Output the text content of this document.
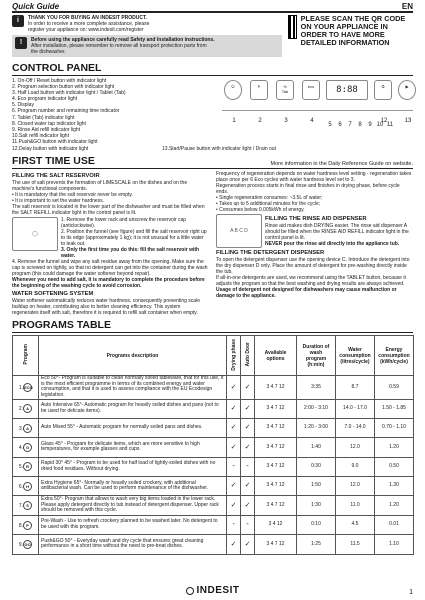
Quick Guide	EN
i	THANK YOU FOR BUYING AN INDESIT PRODUCT.
In order to receive a more complete assistance, please
register your appliance on: www.indesit.com/register
!	Before using the appliance carefully read Safety and Installation instructions.
After installation, please remember to remove all transport protection parts from
the dishwasher.
PLEASE SCAN THE QR CODE ON YOUR APPLIANCE IN ORDER TO HAVE MORE DETAILED INFORMATION
CONTROL PANEL
1. On-Off / Reset button with indicator light
2. Program selection button with indicator light
3. Half Load button with indicator light / Tablet (Tab)
4. Eco program indicator light
5. Display
6. Program number and remaining time indicator
7. Tablet (Tab) indicator light
8. Closed water tap indicator light
9. Rinse Aid refill indicator light
10.Salt refill indicator light
11.Push&GO button with indicator light
⏻	P	½
Tab
eco	8:88	⏲	▶
1	2	3	4
5	6	7	8	9 10 11
12	13
12.Delay button with indicator light	13.Start/Pause button with indicator light / Drain out
FIRST TIME USE	More information in the Daily Reference Guide on website.
FILLING THE SALT RESERVOIR
The use of salt prevents the formation of LIMESCALE on the dishes and on the machine's functional components.
• It is mandatory that the salt reservoir never be empty.
• It is important to set the water hardness.
The salt reservoir is located in the lower part of the dishwasher and must be filled when the SALT REFILL indicator light in the control panel is lit.
◯
1. Remove the lower rack and unscrew the reservoir cap (anticlockwise).
2. Position the funnel (see figure) and fill the salt reservoir right up to its edge (approximately 1 kg); it is not unusual for a little water to leak out.
3. Only the first time you do this: fill the salt reservoir with water.
4. Remove the funnel and wipe any salt residue away from the opening. Make sure the cap is screwed on tightly, so that no detergent can get into the container during the wash program (this could damage the water softener beyond repair).
Whenever you need to add salt, it is mandatory to complete the procedure before the beginning of the washing cycle to avoid corrosion.
WATER SOFTENING SYSTEM
Water softener automatically reduces water hardness, consequently preventing scale buildup on heater, contributing also to better cleaning efficiency. This system regenerates itself with salt, therefore it is required to refill salt container when empty.
Frequency of regeneration depends on water hardness level setting - regeneration takes place once per 6 Eco cycles with water hardness level set to 3.
Regeneration process starts in final rinse and finishes in drying phase, before cycle ends.
• Single regeneration consumes: ~3.5L of water;
• Takes up to 5 additional minutes for the cycle;
• Consumes below 0.005kWh of energy.
A B C D
FILLING THE RINSE AID DISPENSER
Rinse aid makes dish DRYING easier. The rinse aid dispenser A should be filled when the RINSE AID REFILL indicator light in the control panel is lit.
NEVER pour the rinse aid directly into the appliance tub.
FILLING THE DETERGENT DISPENSER
To open the detergent dispenser use the opening device C. Introduce the detergent into the dry dispenser D only. Place the amount of detergent for pre-washing directly inside the tub.
If all-in-one detergents are used, we recommend using the TABLET button, because it adjusts the program so that the best washing and drying results are always achieved.
Usage of detergent not designed for dishwashers may cause malfunction or damage to the appliance.
PROGRAMS TABLE
Program	Programs description	Drying phase	Auto Door	Available options	Duration of wash program (h:min)	Water consumption (litres/cycle)	Energy consumption (kWh/cycle)
1.ECO	Eco 50°- Program is suitable to clean normally soiled tableware, that for this use, it is the most efficient programme in terms of its combined energy and water consumption, and that it is used to assess compliance with the EU Ecodesign legislation.	✓	✓	3 4 7 12	3:35	8.7	0.59
2. A	Auto Intensive 65°- Automatic program for heavily soiled dishes and pans (not to be used for delicate items).	✓	✓	3 4 7 12	2:00 - 3:10	14.0 - 17.0	1.50 - 1.85
3. A	Auto Mixed 55° - Automatic program for normally soiled pans and dishes.	✓	✓	3 4 7 12	1:20 - 3:00	7.0 - 14.0	0.70 - 1.10
4. G	Glass 45° - Program for delicate items, which are more sensitive to high temperatures, for example glasses and cups.	✓	✓	3 4 7 12	1:40	12.0	1.20
5. R	Rapid 30° 45° - Program to be used for half load of lightly-soiled dishes with no dried food residues. Without drying.	-	-	3 4 7 12	0:30	9.0	0.50
6. H	Extra Hygiene 65°- Normally or heavily soiled crockery, with additional antibacterial wash. Can be used to perform maintenance of the dishwasher.	✓	✓	3 4 7 12	1:50	12.0	1.30
7. S	Extra 50°- Program that allows to wash very big items loaded in the lower rack. Please apply detergent directly to tub instead of detergent dispenser. Upper rack should be removed with this cycle.	✓	✓	3 4 7 12	1:30	11.0	1.20
8. P	Pre-Wash - Use to refresh crockery planned to be washed later. No detergent to be used with this program.	-	-	3 4 12	0:10	4.5	0.01
9.GO	Push&GO 50° - Everyday wash and dry cycle that ensures great cleaning performance in a short time without the need to pre-treat dishes.	✓	✓	3 4 7 12	1:25	11.5	1.10
INDESIT	1
